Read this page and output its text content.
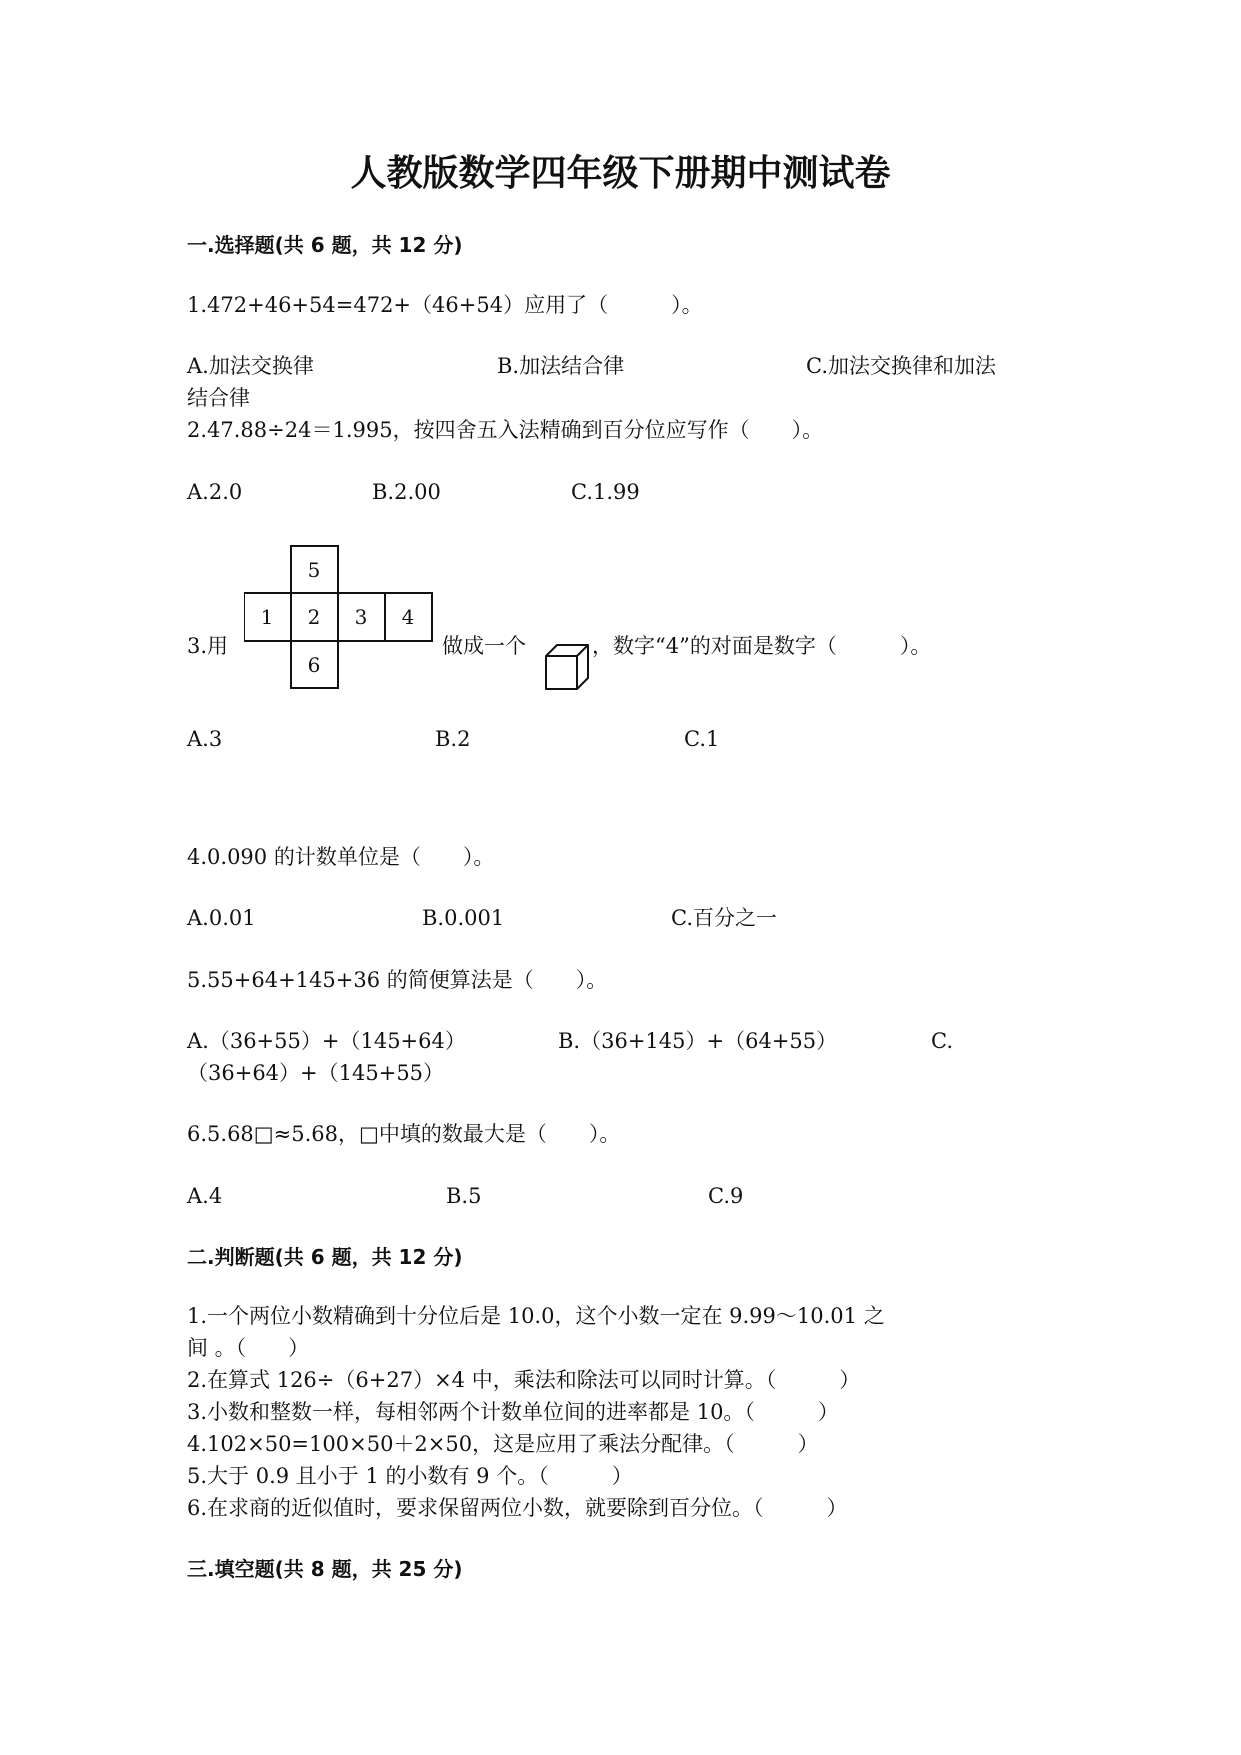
人教版数学四年级下册期中测试卷
一.选择题(共 6 题，共 12 分)
1.472+46+54=472+（46+54）应用了（　　　）。
A.加法交换律	B.加法结合律	C.加法交换律和加法
结合律
2.47.88÷24＝1.995，按四舍五入法精确到百分位应写作（　　）。
A.2.0	B.2.00	C.1.99
3.用
5
1 2 3 4
6
做成一个	，数字“4”的对面是数字（　　　）。
A.3	B.2	C.1
4.0.090 的计数单位是（　　）。
A.0.01	B.0.001	C.百分之一
5.55+64+145+36 的简便算法是（　　）。
A.（36+55）+（145+64）	B.（36+145）+（64+55）	C.
（36+64）+（145+55）
6.5.68□≈5.68，□中填的数最大是（　　）。
A.4	B.5	C.9
二.判断题(共 6 题，共 12 分)
1.一个两位小数精确到十分位后是 10.0，这个小数一定在 9.99～10.01 之
间 。（　　）
2.在算式 126÷（6+27）×4 中，乘法和除法可以同时计算。（　　　）
3.小数和整数一样，每相邻两个计数单位间的进率都是 10。（　　　）
4.102×50=100×50＋2×50，这是应用了乘法分配律。（　　　）
5.大于 0.9 且小于 1 的小数有 9 个。（　　　）
6.在求商的近似值时，要求保留两位小数，就要除到百分位。（　　　）
三.填空题(共 8 题，共 25 分)
